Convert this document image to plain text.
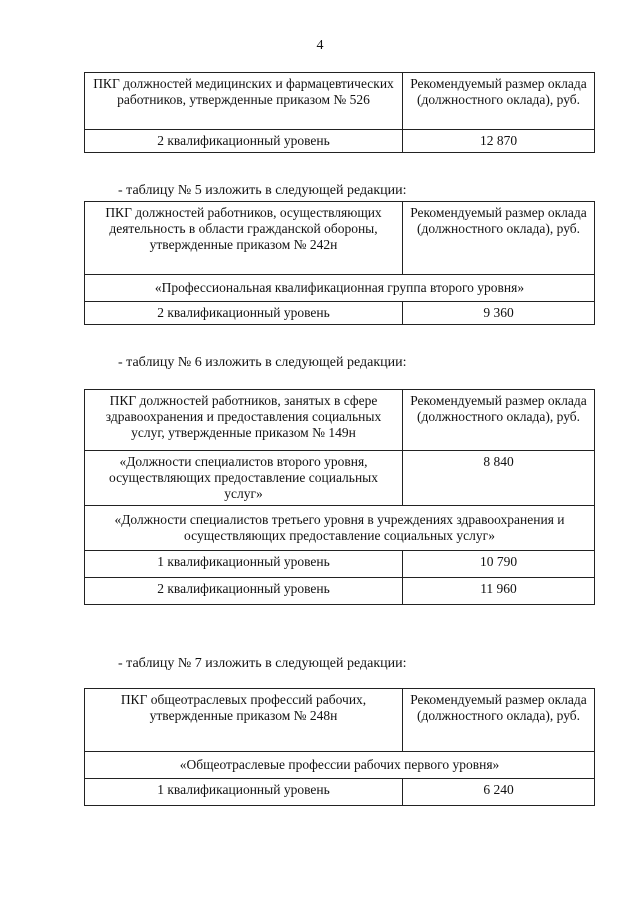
4
ПКГ должностей медицинских и фармацевтических работников, утвержденные приказом № 526	Рекомендуемый размер оклада (должностного оклада), руб.
2 квалификационный уровень	12 870
- таблицу № 5 изложить в следующей редакции:
ПКГ должностей работников, осуществляющих деятельность в области гражданской обороны, утвержденные приказом № 242н	Рекомендуемый размер оклада (должностного оклада), руб.
«Профессиональная квалификационная группа второго уровня»	
2 квалификационный уровень	9 360
- таблицу № 6 изложить в следующей редакции:
ПКГ должностей работников, занятых в сфере здравоохранения и предоставления социальных услуг, утвержденные приказом № 149н	Рекомендуемый размер оклада (должностного оклада), руб.
«Должности специалистов второго уровня, осуществляющих предоставление социальных услуг»	8 840
«Должности специалистов третьего уровня в учреждениях здравоохранения и осуществляющих предоставление социальных услуг»	
1 квалификационный уровень	10 790
2 квалификационный уровень	11 960
- таблицу № 7 изложить в следующей редакции:
ПКГ общеотраслевых профессий рабочих, утвержденные приказом № 248н	Рекомендуемый размер оклада (должностного оклада), руб.
«Общеотраслевые профессии рабочих первого уровня»	
1 квалификационный уровень	6 240
